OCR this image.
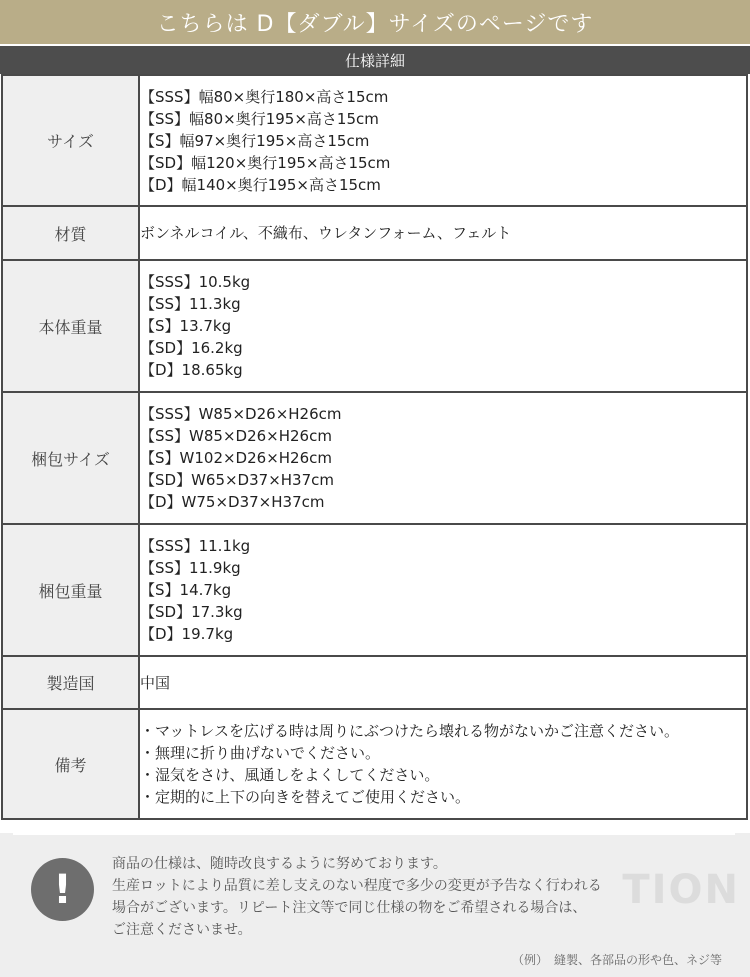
こちらは D【ダブル】サイズのページです
仕様詳細
サイズ	【SSS】幅80×奥行180×高さ15cm
【SS】幅80×奥行195×高さ15cm
【S】幅97×奥行195×高さ15cm
【SD】幅120×奥行195×高さ15cm
【D】幅140×奥行195×高さ15cm

材質	ボンネルコイル、不織布、ウレタンフォーム、フェルト

本体重量	【SSS】10.5kg
【SS】11.3kg
【S】13.7kg
【SD】16.2kg
【D】18.65kg

梱包サイズ	【SSS】W85×D26×H26cm
【SS】W85×D26×H26cm
【S】W102×D26×H26cm
【SD】W65×D37×H37cm
【D】W75×D37×H37cm

梱包重量	【SSS】11.1kg
【SS】11.9kg
【S】14.7kg
【SD】17.3kg
【D】19.7kg

製造国	中国

備考	・マットレスを広げる時は周りにぶつけたら壊れる物がないかご注意ください。
・無理に折り曲げないでください。
・湿気をさけ、風通しをよくしてください。
・定期的に上下の向きを替えてご使用ください。
TION
!
商品の仕様は、随時改良するように努めております。
生産ロットにより品質に差し支えのない程度で多少の変更が予告なく行われる
場合がございます。リピート注文等で同じ仕様の物をご希望される場合は、
ご注意くださいませ。
（例）　縫製、各部品の形や色、ネジ等
